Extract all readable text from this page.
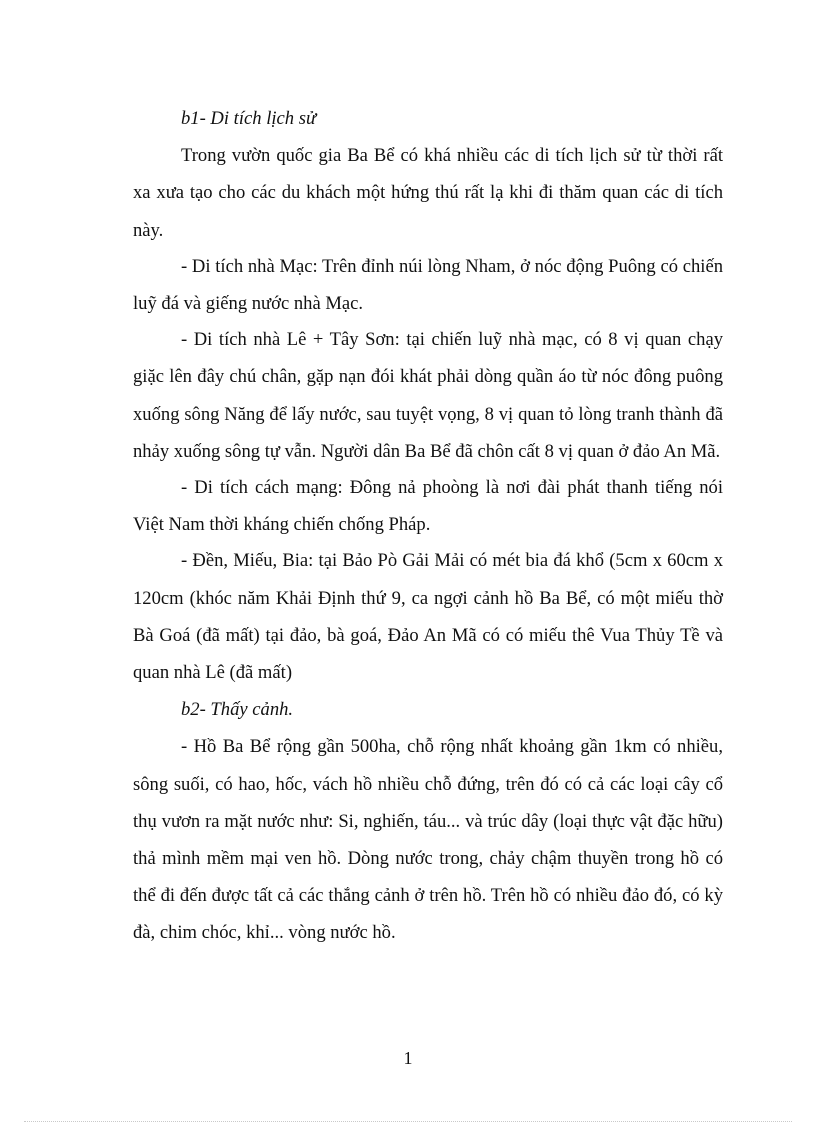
b1- Di tích lịch sử

Trong vườn quốc gia Ba Bể có khá nhiều các di tích lịch sử từ thời rất xa xưa tạo cho các du khách một hứng thú rất lạ khi đi thăm quan các di tích này.

- Di tích nhà Mạc: Trên đỉnh núi lòng Nham, ở nóc động Puông có chiến luỹ đá và giếng nước nhà Mạc.

- Di tích nhà Lê + Tây Sơn: tại chiến luỹ nhà mạc, có 8 vị quan chạy giặc lên đây chú chân, gặp nạn đói khát phải dòng quần áo từ nóc đông puông xuống sông Năng để lấy nước, sau tuyệt vọng, 8 vị quan tỏ lòng tranh thành đã nhảy xuống sông tự vẫn. Người dân Ba Bể đã chôn cất 8 vị quan ở đảo An Mã.

- Di tích cách mạng: Đông nả phoòng là nơi đài phát thanh tiếng nói Việt Nam thời kháng chiến chống Pháp.

- Đền, Miếu, Bia: tại Bảo Pò Gải Mải có mét bia đá khổ (5cm x 60cm x 120cm (khóc năm Khải Định thứ 9, ca ngợi cảnh hồ Ba Bể, có một miếu thờ Bà Goá (đã mất) tại đảo, bà goá, Đảo An Mã có có miếu thê Vua Thủy Tề và quan nhà Lê (đã mất)

b2- Thấy cảnh.

- Hồ Ba Bể rộng gần 500ha, chỗ rộng nhất khoảng gần 1km có nhiều, sông suối, có hao, hốc, vách hồ nhiều chỗ đứng, trên đó có cả các loại cây cổ thụ vươn ra mặt nước như: Si, nghiến, táu... và trúc dây (loại thực vật đặc hữu) thả mình mềm mại ven hồ. Dòng nước trong, chảy chậm thuyền trong hồ có thể đi đến được tất cả các thắng cảnh ở trên hồ. Trên hồ có nhiều đảo đó, có kỳ đà, chim chóc, khỉ... vòng nước hồ.

1
